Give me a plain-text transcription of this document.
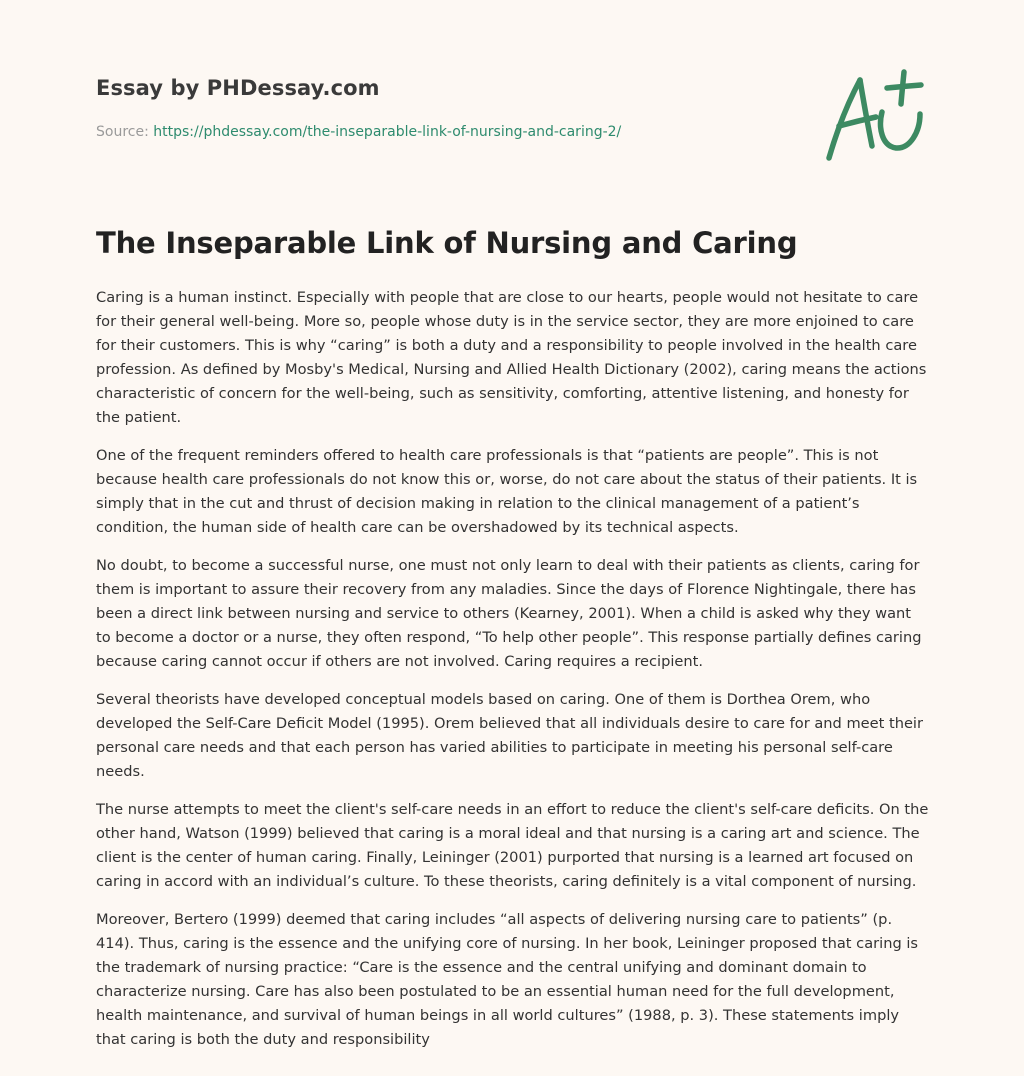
Essay by PHDessay.com
Source: https://phdessay.com/the-inseparable-link-of-nursing-and-caring-2/
The Inseparable Link of Nursing and Caring

Caring is a human instinct. Especially with people that are close to our hearts, people would not hesitate to care for their general well-being. More so, people whose duty is in the service sector, they are more enjoined to care for their customers. This is why “caring” is both a duty and a responsibility to people involved in the health care profession. As defined by Mosby's Medical, Nursing and Allied Health Dictionary (2002), caring means the actions characteristic of concern for the well-being, such as sensitivity, comforting, attentive listening, and honesty for the patient.

One of the frequent reminders offered to health care professionals is that “patients are people”. This is not because health care professionals do not know this or, worse, do not care about the status of their patients. It is simply that in the cut and thrust of decision making in relation to the clinical management of a patient’s condition, the human side of health care can be overshadowed by its technical aspects.

No doubt, to become a successful nurse, one must not only learn to deal with their patients as clients, caring for them is important to assure their recovery from any maladies. Since the days of Florence Nightingale, there has been a direct link between nursing and service to others (Kearney, 2001). When a child is asked why they want to become a doctor or a nurse, they often respond, “To help other people”. This response partially defines caring because caring cannot occur if others are not involved. Caring requires a recipient.

Several theorists have developed conceptual models based on caring. One of them is Dorthea Orem, who developed the Self-Care Deficit Model (1995). Orem believed that all individuals desire to care for and meet their personal care needs and that each person has varied abilities to participate in meeting his personal self-care needs.

The nurse attempts to meet the client's self-care needs in an effort to reduce the client's self-care deficits. On the other hand, Watson (1999) believed that caring is a moral ideal and that nursing is a caring art and science. The client is the center of human caring. Finally, Leininger (2001) purported that nursing is a learned art focused on caring in accord with an individual’s culture. To these theorists, caring definitely is a vital component of nursing.

Moreover, Bertero (1999) deemed that caring includes “all aspects of delivering nursing care to patients” (p. 414). Thus, caring is the essence and the unifying core of nursing. In her book, Leininger proposed that caring is the trademark of nursing practice: “Care is the essence and the central unifying and dominant domain to characterize nursing. Care has also been postulated to be an essential human need for the full development, health maintenance, and survival of human beings in all world cultures” (1988, p. 3). These statements imply that caring is both the duty and responsibility
